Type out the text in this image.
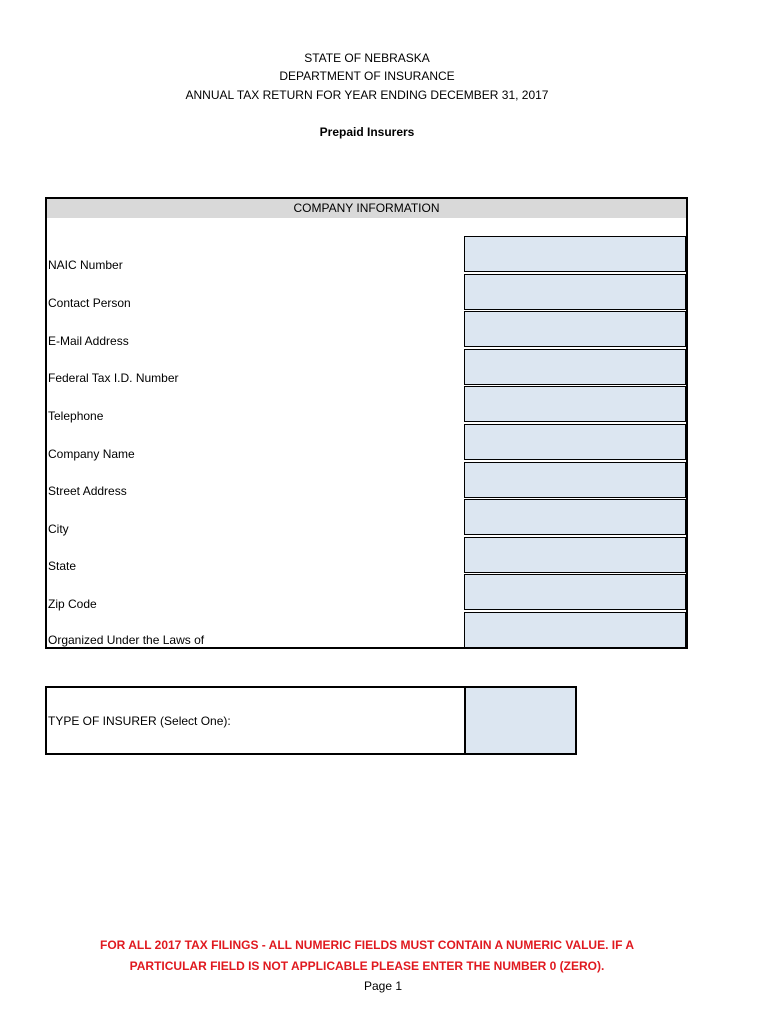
STATE OF NEBRASKA
DEPARTMENT OF INSURANCE
ANNUAL TAX RETURN FOR YEAR ENDING DECEMBER 31, 2017
Prepaid Insurers
COMPANY INFORMATION
NAIC Number
Contact Person
E-Mail Address
Federal Tax I.D. Number
Telephone
Company Name
Street Address
City
State
Zip Code
Organized Under the Laws of
TYPE OF INSURER (Select One):
FOR ALL 2017 TAX FILINGS - ALL NUMERIC FIELDS MUST CONTAIN A NUMERIC VALUE. IF A
PARTICULAR FIELD IS NOT APPLICABLE PLEASE ENTER THE NUMBER 0 (ZERO).
Page 1
